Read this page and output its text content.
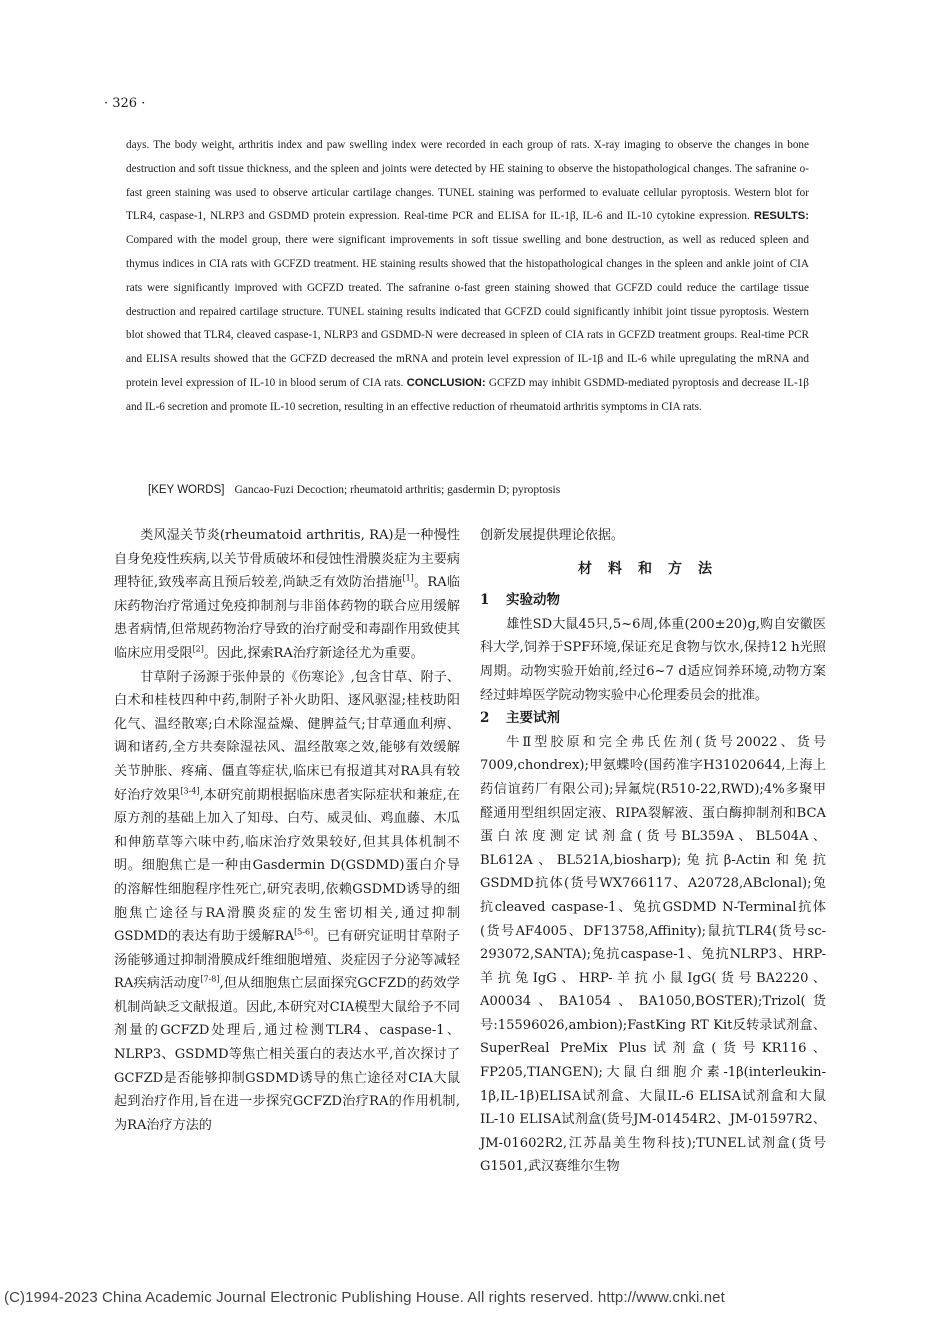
· 326 ·
days. The body weight, arthritis index and paw swelling index were recorded in each group of rats. X-ray imaging to observe the changes in bone destruction and soft tissue thickness, and the spleen and joints were detected by HE staining to observe the histopathological changes. The safranine o-fast green staining was used to observe articular cartilage changes. TUNEL staining was performed to evaluate cellular pyroptosis. Western blot for TLR4, caspase-1, NLRP3 and GSDMD protein expression. Real-time PCR and ELISA for IL-1β, IL-6 and IL-10 cytokine expression. RESULTS: Compared with the model group, there were significant improvements in soft tissue swelling and bone destruction, as well as reduced spleen and thymus indices in CIA rats with GCFZD treatment. HE staining results showed that the histopathological changes in the spleen and ankle joint of CIA rats were significantly improved with GCFZD treated. The safranine o-fast green staining showed that GCFZD could reduce the cartilage tissue destruction and repaired cartilage structure. TUNEL staining results indicated that GCFZD could significantly inhibit joint tissue pyroptosis. Western blot showed that TLR4, cleaved caspase-1, NLRP3 and GSDMD-N were decreased in spleen of CIA rats in GCFZD treatment groups. Real-time PCR and ELISA results showed that the GCFZD decreased the mRNA and protein level expression of IL-1β and IL-6 while upregulating the mRNA and protein level expression of IL-10 in blood serum of CIA rats. CONCLUSION: GCFZD may inhibit GSDMD-mediated pyroptosis and decrease IL-1β and IL-6 secretion and promote IL-10 secretion, resulting in an effective reduction of rheumatoid arthritis symptoms in CIA rats.
[KEY WORDS] Gancao-Fuzi Decoction; rheumatoid arthritis; gasdermin D; pyroptosis

类风湿关节炎(rheumatoid arthritis, RA)是一种慢性自身免疫性疾病,以关节骨质破坏和侵蚀性滑膜炎症为主要病理特征,致残率高且预后较差,尚缺乏有效防治措施[1]。RA临床药物治疗常通过免疫抑制剂与非甾体药物的联合应用缓解患者病情,但常规药物治疗导致的治疗耐受和毒副作用致使其临床应用受限[2]。因此,探索RA治疗新途径尤为重要。

甘草附子汤源于张仲景的《伤寒论》,包含甘草、附子、白术和桂枝四种中药,制附子补火助阳、逐风驱湿;桂枝助阳化气、温经散寒;白术除湿益燥、健脾益气;甘草通血利痹、调和诸药,全方共奏除湿祛风、温经散寒之效,能够有效缓解关节肿胀、疼痛、僵直等症状,临床已有报道其对RA具有较好治疗效果[3-4],本研究前期根据临床患者实际症状和兼症,在原方剂的基础上加入了知母、白芍、威灵仙、鸡血藤、木瓜和伸筋草等六味中药,临床治疗效果较好,但其具体机制不明。细胞焦亡是一种由Gasdermin D(GSDMD)蛋白介导的溶解性细胞程序性死亡,研究表明,依赖GSDMD诱导的细胞焦亡途径与RA滑膜炎症的发生密切相关,通过抑制GSDMD的表达有助于缓解RA[5-6]。已有研究证明甘草附子汤能够通过抑制滑膜成纤维细胞增殖、炎症因子分泌等减轻RA疾病活动度[7-8],但从细胞焦亡层面探究GCFZD的药效学机制尚缺乏文献报道。因此,本研究对CIA模型大鼠给予不同剂量的GCFZD处理后,通过检测TLR4、caspase-1、NLRP3、GSDMD等焦亡相关蛋白的表达水平,首次探讨了GCFZD是否能够抑制GSDMD诱导的焦亡途径对CIA大鼠起到治疗作用,旨在进一步探究GCFZD治疗RA的作用机制,为RA治疗方法的

创新发展提供理论依据。

材料和方法
1 实验动物

雄性SD大鼠45只,5~6周,体重(200±20)g,购自安徽医科大学,饲养于SPF环境,保证充足食物与饮水,保持12 h光照周期。动物实验开始前,经过6~7 d适应饲养环境,动物方案经过蚌埠医学院动物实验中心伦理委员会的批准。

2 主要试剂

牛Ⅱ型胶原和完全弗氏佐剂(货号20022、货号7009,chondrex);甲氨蝶呤(国药准字H31020644,上海上药信谊药厂有限公司);异氟烷(R510-22,RWD);4%多聚甲醛通用型组织固定液、RIPA裂解液、蛋白酶抑制剂和BCA蛋白浓度测定试剂盒(货号BL359A、BL504A、BL612A、BL521A,biosharp);兔抗β-Actin和兔抗GSDMD抗体(货号WX766117、A20728,ABclonal);兔抗cleaved caspase-1、兔抗GSDMD N-Terminal抗体(货号AF4005、DF13758,Affinity);鼠抗TLR4(货号sc-293072,SANTA);兔抗caspase-1、兔抗NLRP3、HRP-羊抗兔IgG、HRP-羊抗小鼠IgG(货号BA2220、A00034、BA1054、BA1050,BOSTER);Trizol(货号:15596026,ambion);FastKing RT Kit反转录试剂盒、SuperReal PreMix Plus试剂盒(货号KR116、FP205,TIANGEN);大鼠白细胞介素-1β(interleukin-1β,IL-1β)ELISA试剂盒、大鼠IL-6 ELISA试剂盒和大鼠IL-10 ELISA试剂盒(货号JM-01454R2、JM-01597R2、JM-01602R2,江苏晶美生物科技);TUNEL试剂盒(货号G1501,武汉赛维尔生物

(C)1994-2023 China Academic Journal Electronic Publishing House. All rights reserved. http://www.cnki.net
